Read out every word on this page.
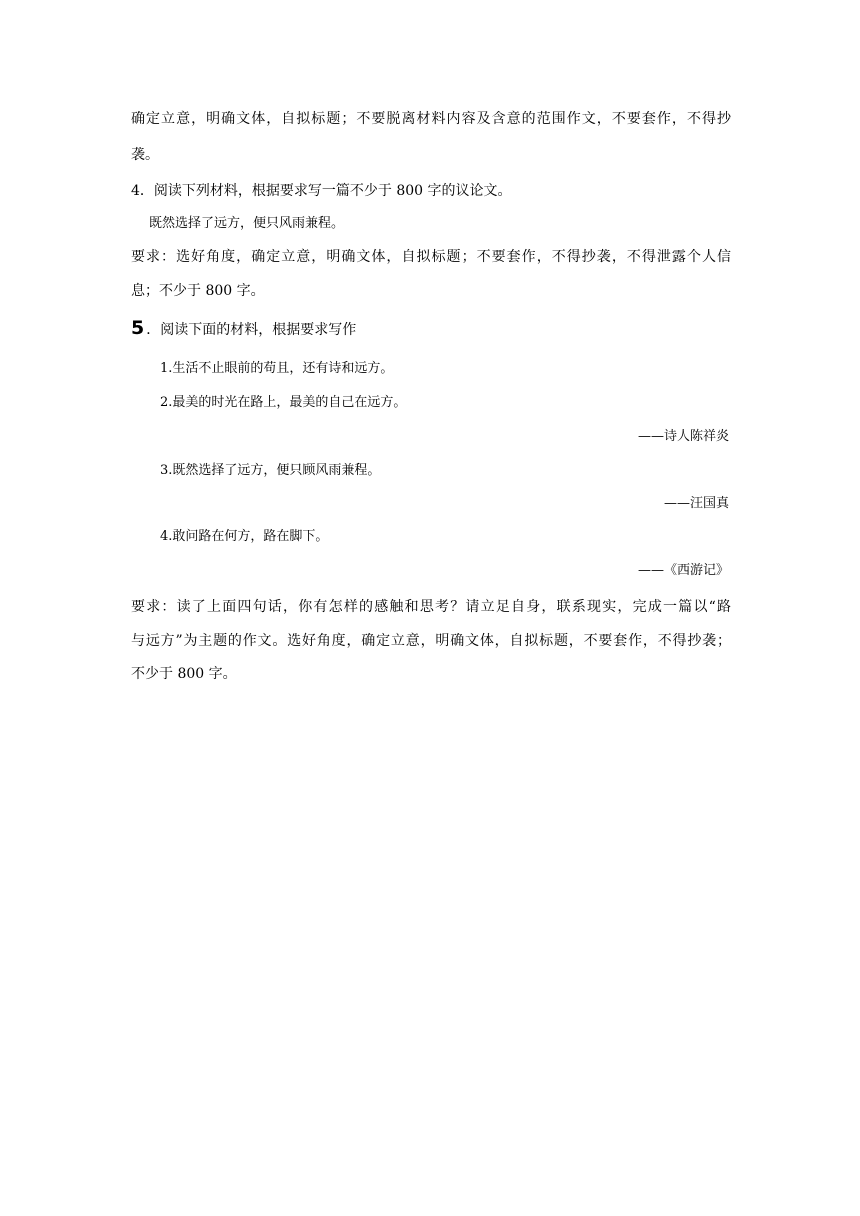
确定立意，明确文体，自拟标题；不要脱离材料内容及含意的范围作文，不要套作，不得抄
袭。
4．阅读下列材料，根据要求写一篇不少于 800 字的议论文。
既然选择了远方，便只风雨兼程。
要求：选好角度，确定立意，明确文体，自拟标题；不要套作，不得抄袭，不得泄露个人信
息；不少于 800 字。
5 ．阅读下面的材料，根据要求写作
1.生活不止眼前的苟且，还有诗和远方。
2.最美的时光在路上，最美的自己在远方。
——诗人陈祥炎
3.既然选择了远方，便只顾风雨兼程。
——汪国真
4.敢问路在何方，路在脚下。
——《西游记》
要求：读了上面四句话，你有怎样的感触和思考？请立足自身，联系现实，完成一篇以“路
与远方”为主题的作文。选好角度，确定立意，明确文体，自拟标题，不要套作，不得抄袭；
不少于 800 字。
